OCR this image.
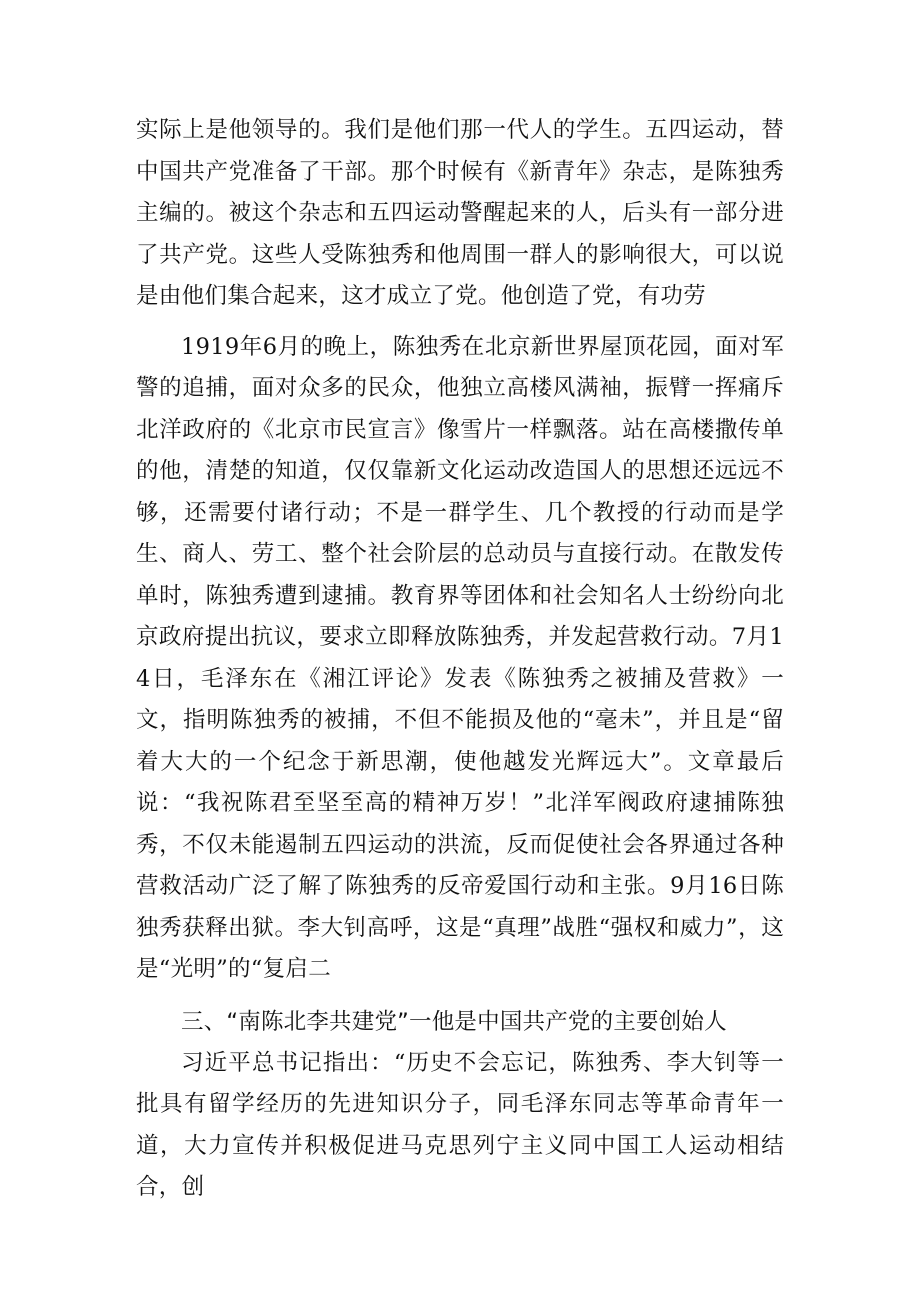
实际上是他领导的。我们是他们那一代人的学生。五四运动，替中国共产党准备了干部。那个时候有《新青年》杂志，是陈独秀主编的。被这个杂志和五四运动警醒起来的人，后头有一部分进了共产党。这些人受陈独秀和他周围一群人的影响很大，可以说是由他们集合起来，这才成立了党。他创造了党，有功劳

1919年6月的晚上，陈独秀在北京新世界屋顶花园，面对军警的追捕，面对众多的民众，他独立高楼风满袖，振臂一挥痛斥北洋政府的《北京市民宣言》像雪片一样飘落。站在高楼撒传单的他，清楚的知道，仅仅靠新文化运动改造国人的思想还远远不够，还需要付诸行动；不是一群学生、几个教授的行动而是学生、商人、劳工、整个社会阶层的总动员与直接行动。在散发传单时，陈独秀遭到逮捕。教育界等团体和社会知名人士纷纷向北京政府提出抗议，要求立即释放陈独秀，并发起营救行动。7月14日，毛泽东在《湘江评论》发表《陈独秀之被捕及营救》一文，指明陈独秀的被捕，不但不能损及他的“毫未”，并且是“留着大大的一个纪念于新思潮，使他越发光辉远大”。文章最后说：“我祝陈君至坚至高的精神万岁！”北洋军阀政府逮捕陈独秀，不仅未能遏制五四运动的洪流，反而促使社会各界通过各种营救活动广泛了解了陈独秀的反帝爱国行动和主张。9月16日陈独秀获释出狱。李大钊高呼，这是“真理”战胜“强权和威力”，这是“光明”的“复启二

三、“南陈北李共建党”一他是中国共产党的主要创始人

习近平总书记指出：“历史不会忘记，陈独秀、李大钊等一批具有留学经历的先进知识分子，同毛泽东同志等革命青年一道，大力宣传并积极促进马克思列宁主义同中国工人运动相结合，创
